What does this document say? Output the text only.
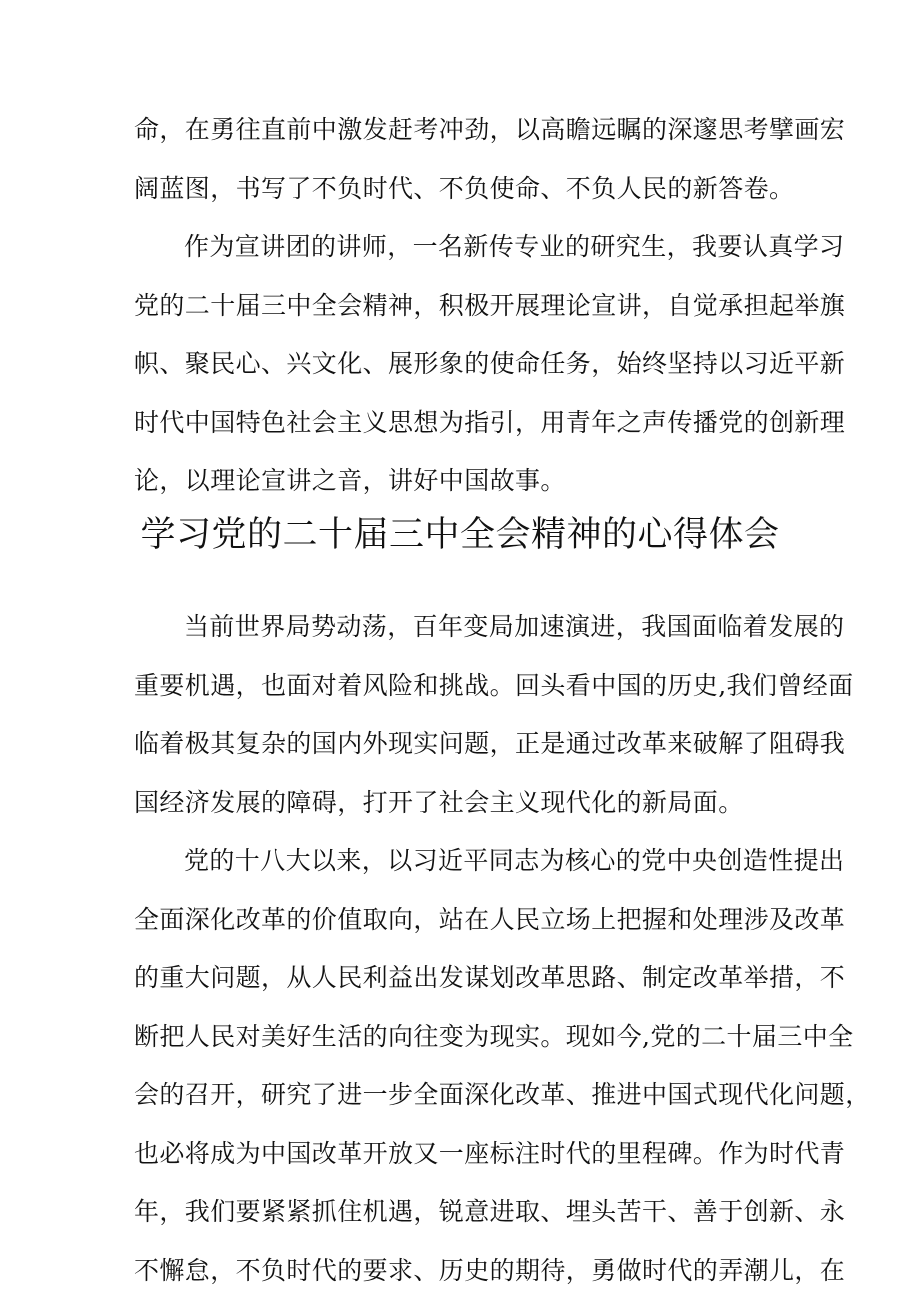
命，在勇往直前中激发赶考冲劲，以高瞻远瞩的深邃思考擘画宏
阔蓝图，书写了不负时代、不负使命、不负人民的新答卷。
作为宣讲团的讲师，一名新传专业的研究生，我要认真学习
党的二十届三中全会精神，积极开展理论宣讲，自觉承担起举旗
帜、聚民心、兴文化、展形象的使命任务，始终坚持以习近平新
时代中国特色社会主义思想为指引，用青年之声传播党的创新理
论，以理论宣讲之音，讲好中国故事。
学习党的二十届三中全会精神的心得体会
当前世界局势动荡，百年变局加速演进，我国面临着发展的
重要机遇，也面对着风险和挑战。回头看中国的历史,我们曾经面
临着极其复杂的国内外现实问题，正是通过改革来破解了阻碍我
国经济发展的障碍，打开了社会主义现代化的新局面。
党的十八大以来，以习近平同志为核心的党中央创造性提出
全面深化改革的价值取向，站在人民立场上把握和处理涉及改革
的重大问题，从人民利益出发谋划改革思路、制定改革举措，不
断把人民对美好生活的向往变为现实。现如今,党的二十届三中全
会的召开，研究了进一步全面深化改革、推进中国式现代化问题，
也必将成为中国改革开放又一座标注时代的里程碑。作为时代青
年，我们要紧紧抓住机遇，锐意进取、埋头苦干、善于创新、永
不懈怠，不负时代的要求、历史的期待，勇做时代的弄潮儿，在
